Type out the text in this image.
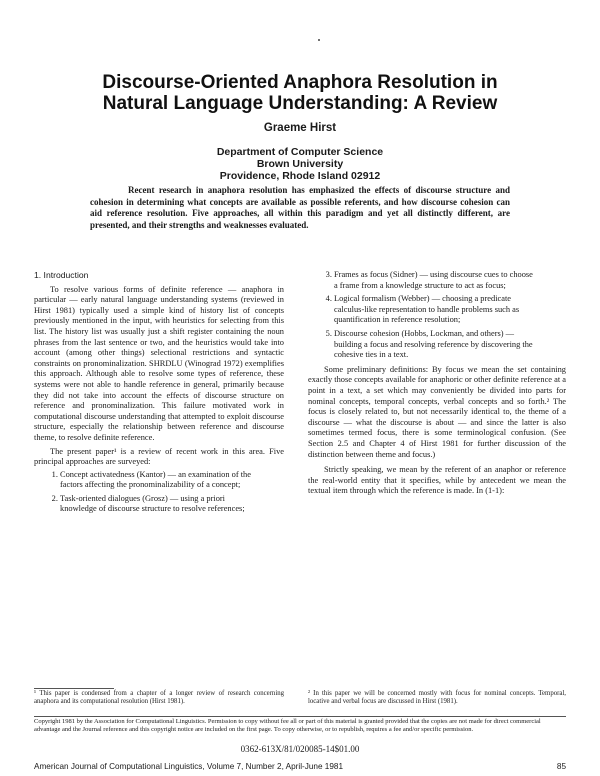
Discourse-Oriented Anaphora Resolution in
Natural Language Understanding: A Review
Graeme Hirst
Department of Computer Science
Brown University
Providence, Rhode Island 02912
Recent research in anaphora resolution has emphasized the effects of discourse structure and cohesion in determining what concepts are available as possible referents, and how discourse cohesion can aid reference resolution. Five approaches, all within this paradigm and yet all distinctly different, are presented, and their strengths and weaknesses evaluated.

1. Introduction

To resolve various forms of definite reference — anaphora in particular — early natural language understanding systems (reviewed in Hirst 1981) typically used a simple kind of history list of concepts previously mentioned in the input, with heuristics for selecting from this list. The history list was usually just a shift register containing the noun phrases from the last sentence or two, and the heuristics would take into account (among other things) selectional restrictions and syntactic constraints on pronominalization. SHRDLU (Winograd 1972) exemplifies this approach. Although able to resolve some types of reference, these systems were not able to handle reference in general, primarily because they did not take into account the effects of discourse structure on reference and pronominalization. This failure motivated work in computational discourse understanding that attempted to exploit discourse structure, especially the relationship between reference and discourse theme, to resolve definite reference.

The present paper¹ is a review of recent work in this area. Five principal approaches are surveyed:

1. Concept activatedness (Kantor) — an examination of the factors affecting the pronominalizability of a concept;
2. Task-oriented dialogues (Grosz) — using a priori knowledge of discourse structure to resolve references;
3. Frames as focus (Sidner) — using discourse cues to choose a frame from a knowledge structure to act as focus;
4. Logical formalism (Webber) — choosing a predicate calculus-like representation to handle problems such as quantification in reference resolution;
5. Discourse cohesion (Hobbs, Lockman, and others) — building a focus and resolving reference by discovering the cohesive ties in a text.

Some preliminary definitions: By focus we mean the set containing exactly those concepts available for anaphoric or other definite reference at a point in a text, a set which may conveniently be divided into parts for nominal concepts, temporal concepts, verbal concepts and so forth.² The focus is closely related to, but not necessarily identical to, the theme of a discourse — what the discourse is about — and since the latter is also sometimes termed focus, there is some terminological confusion. (See Section 2.5 and Chapter 4 of Hirst 1981 for further discussion of the distinction between theme and focus.)

Strictly speaking, we mean by the referent of an anaphor or reference the real-world entity that it specifies, while by antecedent we mean the textual item through which the reference is made. In (1-1):

¹ This paper is condensed from a chapter of a longer review of research concerning anaphora and its computational resolution (Hirst 1981).
² In this paper we will be concerned mostly with focus for nominal concepts. Temporal, locative and verbal focus are discussed in Hirst (1981).
Copyright 1981 by the Association for Computational Linguistics. Permission to copy without fee all or part of this material is granted provided that the copies are not made for direct commercial advantage and the Journal reference and this copyright notice are included on the first page. To copy otherwise, or to republish, requires a fee and/or specific permission.
0362-613X/81/020085-14$01.00
American Journal of Computational Linguistics, Volume 7, Number 2, April-June 1981	85
